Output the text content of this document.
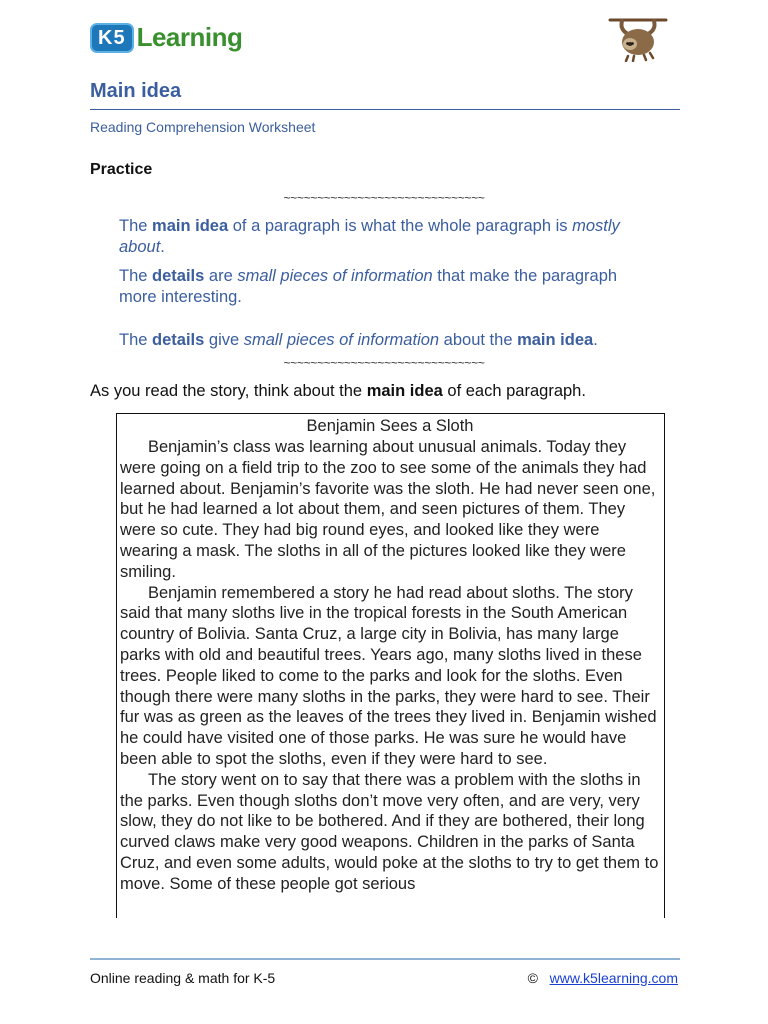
K5 Learning
Main idea
Reading Comprehension Worksheet
Practice
~~~~~~~~~~~~~~~~~~~~~~~~~~~~~~
The main idea of a paragraph is what the whole paragraph is mostly about.
The details are small pieces of information that make the paragraph more interesting.
The details give small pieces of information about the main idea.
~~~~~~~~~~~~~~~~~~~~~~~~~~~~~~
As you read the story, think about the main idea of each paragraph.
Benjamin Sees a Sloth

Benjamin’s class was learning about unusual animals. Today they were going on a field trip to the zoo to see some of the animals they had learned about. Benjamin’s favorite was the sloth. He had never seen one, but he had learned a lot about them, and seen pictures of them. They were so cute. They had big round eyes, and looked like they were wearing a mask. The sloths in all of the pictures looked like they were smiling.

Benjamin remembered a story he had read about sloths. The story said that many sloths live in the tropical forests in the South American country of Bolivia. Santa Cruz, a large city in Bolivia, has many large parks with old and beautiful trees. Years ago, many sloths lived in these trees. People liked to come to the parks and look for the sloths. Even though there were many sloths in the parks, they were hard to see. Their fur was as green as the leaves of the trees they lived in. Benjamin wished he could have visited one of those parks. He was sure he would have been able to spot the sloths, even if they were hard to see.

The story went on to say that there was a problem with the sloths in the parks. Even though sloths don’t move very often, and are very, very slow, they do not like to be bothered. And if they are bothered, their long curved claws make very good weapons. Children in the parks of Santa Cruz, and even some adults, would poke at the sloths to try to get them to move. Some of these people got serious

Online reading & math for K-5	© www.k5learning.com
